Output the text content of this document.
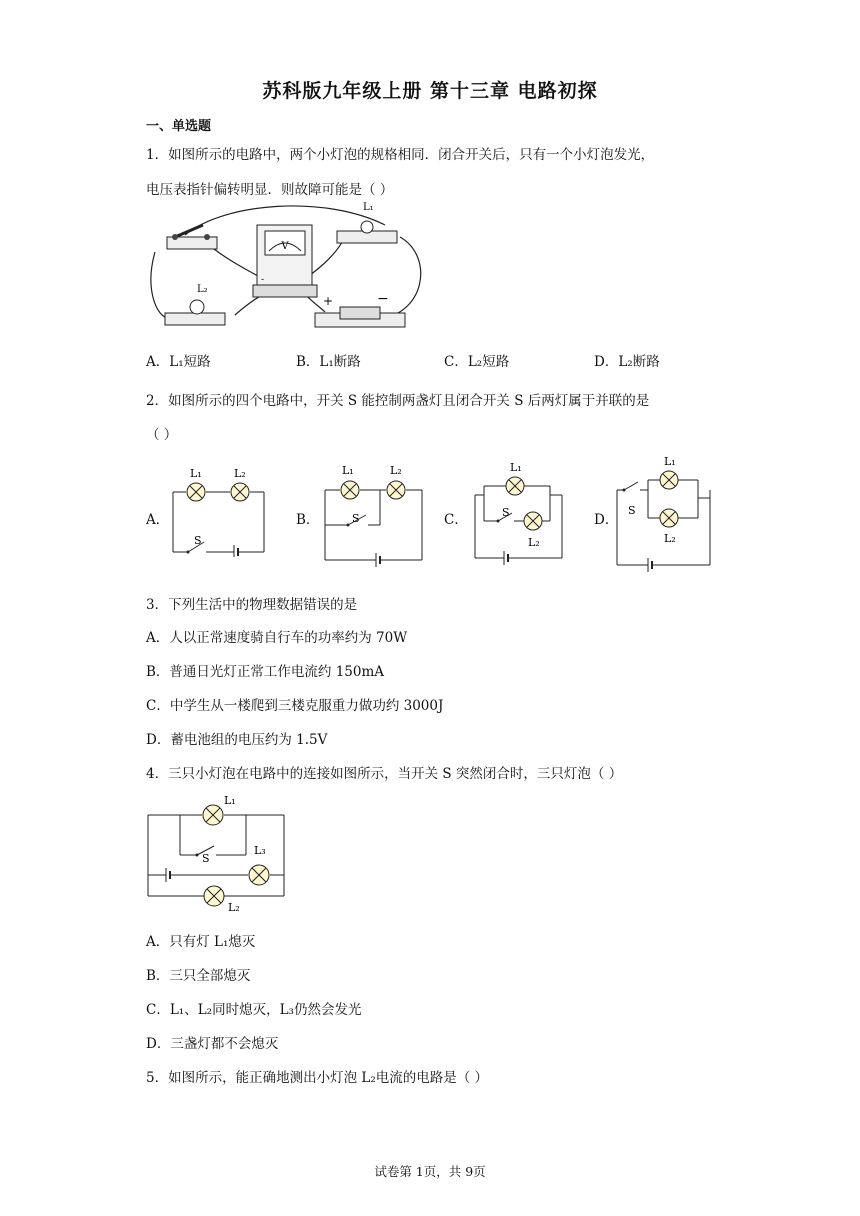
苏科版九年级上册 第十三章 电路初探
一、单选题
1．如图所示的电路中，两个小灯泡的规格相同．闭合开关后，只有一个小灯泡发光，
电压表指针偏转明显．则故障可能是（ ）
V
-
L₁
L₂
+	−
A．L₁短路	B．L₁断路	C．L₂短路	D．L₂断路
2．如图所示的四个电路中，开关 S 能控制两盏灯且闭合开关 S 后两灯属于并联的是
（ ）
A．	B．	C．	D．
L₁	L₂
S
L₁	L₂
S
L₁
L₂
S
L₁
L₂
S
3．下列生活中的物理数据错误的是
A．人以正常速度骑自行车的功率约为 70W
B．普通日光灯正常工作电流约 150mA
C．中学生从一楼爬到三楼克服重力做功约 3000J
D．蓄电池组的电压约为 1.5V
4．三只小灯泡在电路中的连接如图所示，当开关 S 突然闭合时，三只灯泡（ ）
L₁
L₃
L₂
S
A．只有灯 L₁熄灭
B．三只全部熄灭
C．L₁、L₂同时熄灭，L₃仍然会发光
D．三盏灯都不会熄灭
5．如图所示，能正确地测出小灯泡 L₂电流的电路是（ ）
试卷第 1页，共 9页
